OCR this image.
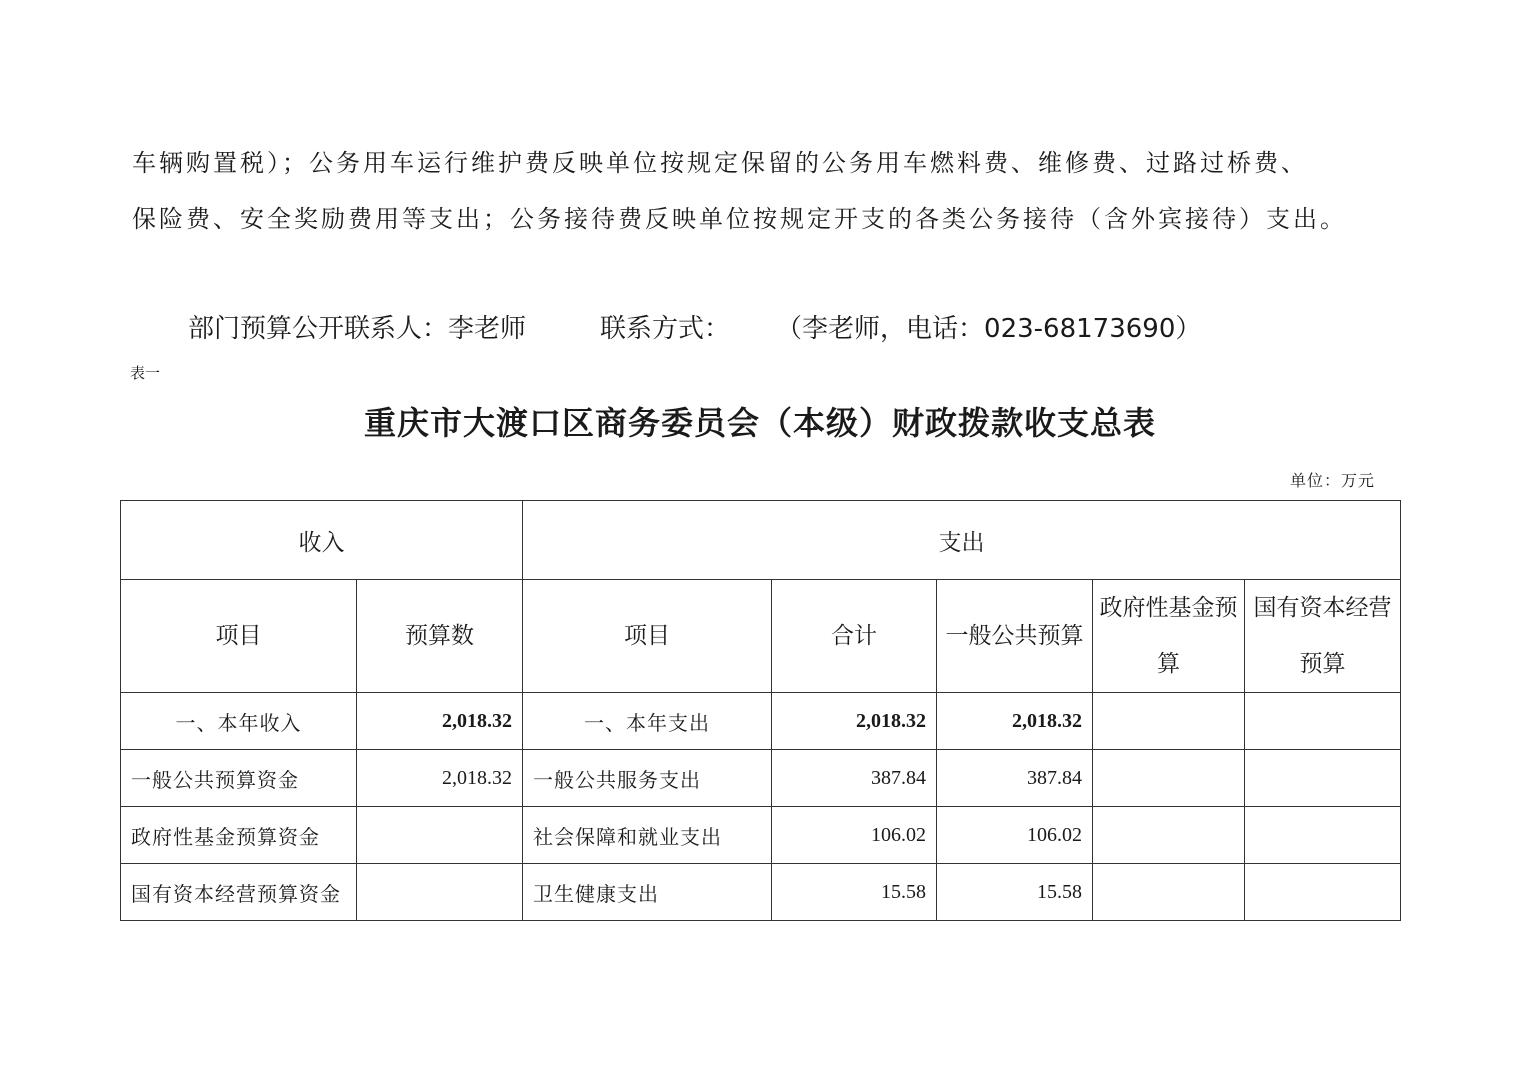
车辆购置税）；公务用车运行维护费反映单位按规定保留的公务用车燃料费、维修费、过路过桥费、

保险费、安全奖励费用等支出；公务接待费反映单位按规定开支的各类公务接待（含外宾接待）支出。

部门预算公开联系人：李老师	联系方式： （李老师，电话：023-68173690）
表一
重庆市大渡口区商务委员会（本级）财政拨款收支总表
单位：万元
收入		支出				
项目	预算数	项目	合计	一般公共预算	政府性基金预算	国有资本经营预算
一、本年收入	2,018.32	一、本年支出	2,018.32	2,018.32		
一般公共预算资金	2,018.32	一般公共服务支出	387.84	387.84		
政府性基金预算资金		社会保障和就业支出	106.02	106.02		
国有资本经营预算资金		卫生健康支出	15.58	15.58		
